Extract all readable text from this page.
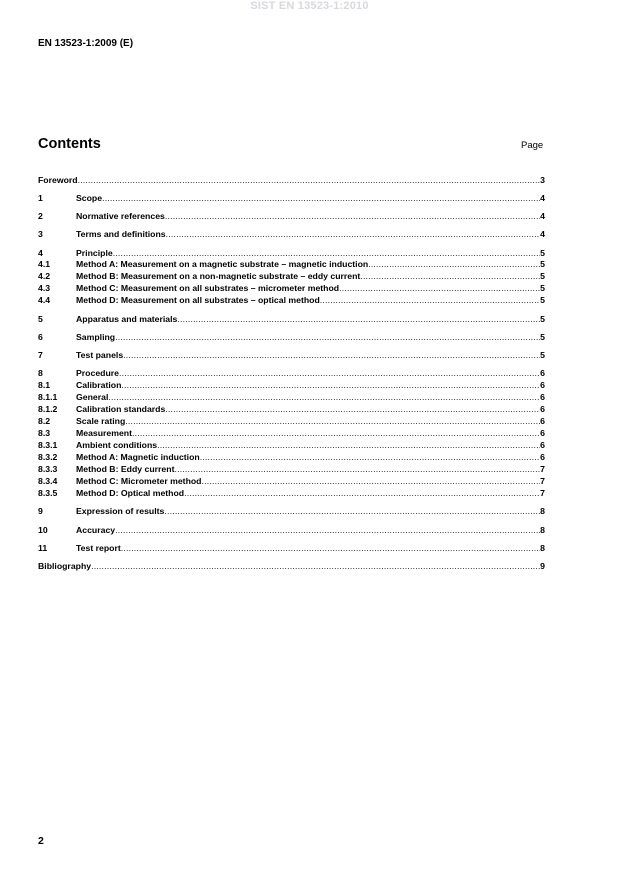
SIST EN 13523-1:2010
EN 13523-1:2009 (E)
Contents	Page
Foreword .....	3
1	Scope .....	4
2	Normative references .....	4
3	Terms and definitions .....	4
4	Principle .....	5
4.1	Method A: Measurement on a magnetic substrate – magnetic induction .....	5
4.2	Method B: Measurement on a non-magnetic substrate – eddy current .....	5
4.3	Method C: Measurement on all substrates – micrometer method .....	5
4.4	Method D: Measurement on all substrates – optical method .....	5
5	Apparatus and materials .....	5
6	Sampling .....	5
7	Test panels .....	5
8	Procedure .....	6
8.1	Calibration .....	6
8.1.1	General .....	6
8.1.2	Calibration standards .....	6
8.2	Scale rating .....	6
8.3	Measurement .....	6
8.3.1	Ambient conditions .....	6
8.3.2	Method A: Magnetic induction .....	6
8.3.3	Method B: Eddy current .....	7
8.3.4	Method C: Micrometer method .....	7
8.3.5	Method D: Optical method .....	7
9	Expression of results .....	8
10	Accuracy .....	8
11	Test report .....	8
Bibliography .....	9
2
